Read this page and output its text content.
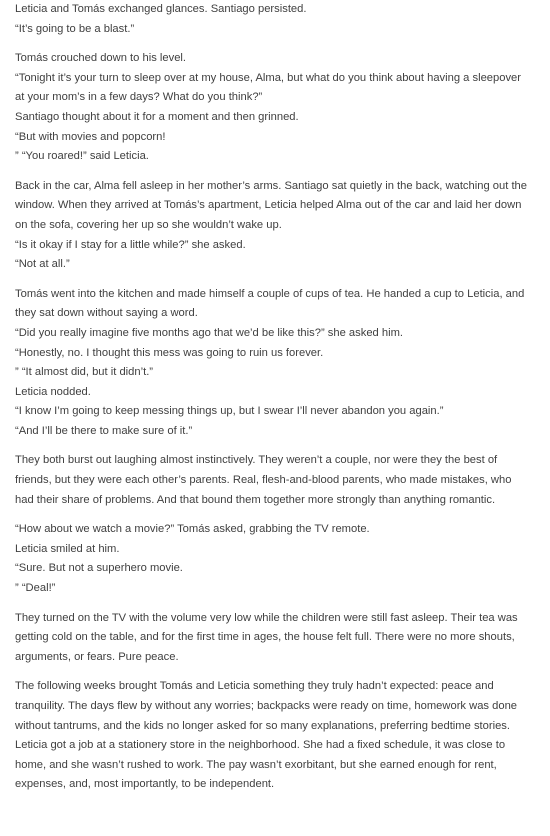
Leticia and Tomás exchanged glances. Santiago persisted.
“It’s going to be a blast.”
Tomás crouched down to his level.
“Tonight it’s your turn to sleep over at my house, Alma, but what do you think about having a sleepover
at your mom’s in a few days? What do you think?”
Santiago thought about it for a moment and then grinned.
“But with movies and popcorn!
” “You roared!” said Leticia.
Back in the car, Alma fell asleep in her mother’s arms. Santiago sat quietly in the back, watching out the
window. When they arrived at Tomás’s apartment, Leticia helped Alma out of the car and laid her down
on the sofa, covering her up so she wouldn’t wake up.
“Is it okay if I stay for a little while?” she asked.
“Not at all.”
Tomás went into the kitchen and made himself a couple of cups of tea. He handed a cup to Leticia, and
they sat down without saying a word.
“Did you really imagine five months ago that we’d be like this?” she asked him.
“Honestly, no. I thought this mess was going to ruin us forever.
” “It almost did, but it didn’t.”
Leticia nodded.
“I know I’m going to keep messing things up, but I swear I’ll never abandon you again.”
“And I’ll be there to make sure of it.”
They both burst out laughing almost instinctively. They weren’t a couple, nor were they the best of
friends, but they were each other’s parents. Real, flesh-and-blood parents, who made mistakes, who
had their share of problems. And that bound them together more strongly than anything romantic.
“How about we watch a movie?” Tomás asked, grabbing the TV remote.
Leticia smiled at him.
“Sure. But not a superhero movie.
” “Deal!”
They turned on the TV with the volume very low while the children were still fast asleep. Their tea was
getting cold on the table, and for the first time in ages, the house felt full. There were no more shouts,
arguments, or fears. Pure peace.
The following weeks brought Tomás and Leticia something they truly hadn’t expected: peace and
tranquility. The days flew by without any worries; backpacks were ready on time, homework was done
without tantrums, and the kids no longer asked for so many explanations, preferring bedtime stories.
Leticia got a job at a stationery store in the neighborhood. She had a fixed schedule, it was close to
home, and she wasn’t rushed to work. The pay wasn’t exorbitant, but she earned enough for rent,
expenses, and, most importantly, to be independent.
